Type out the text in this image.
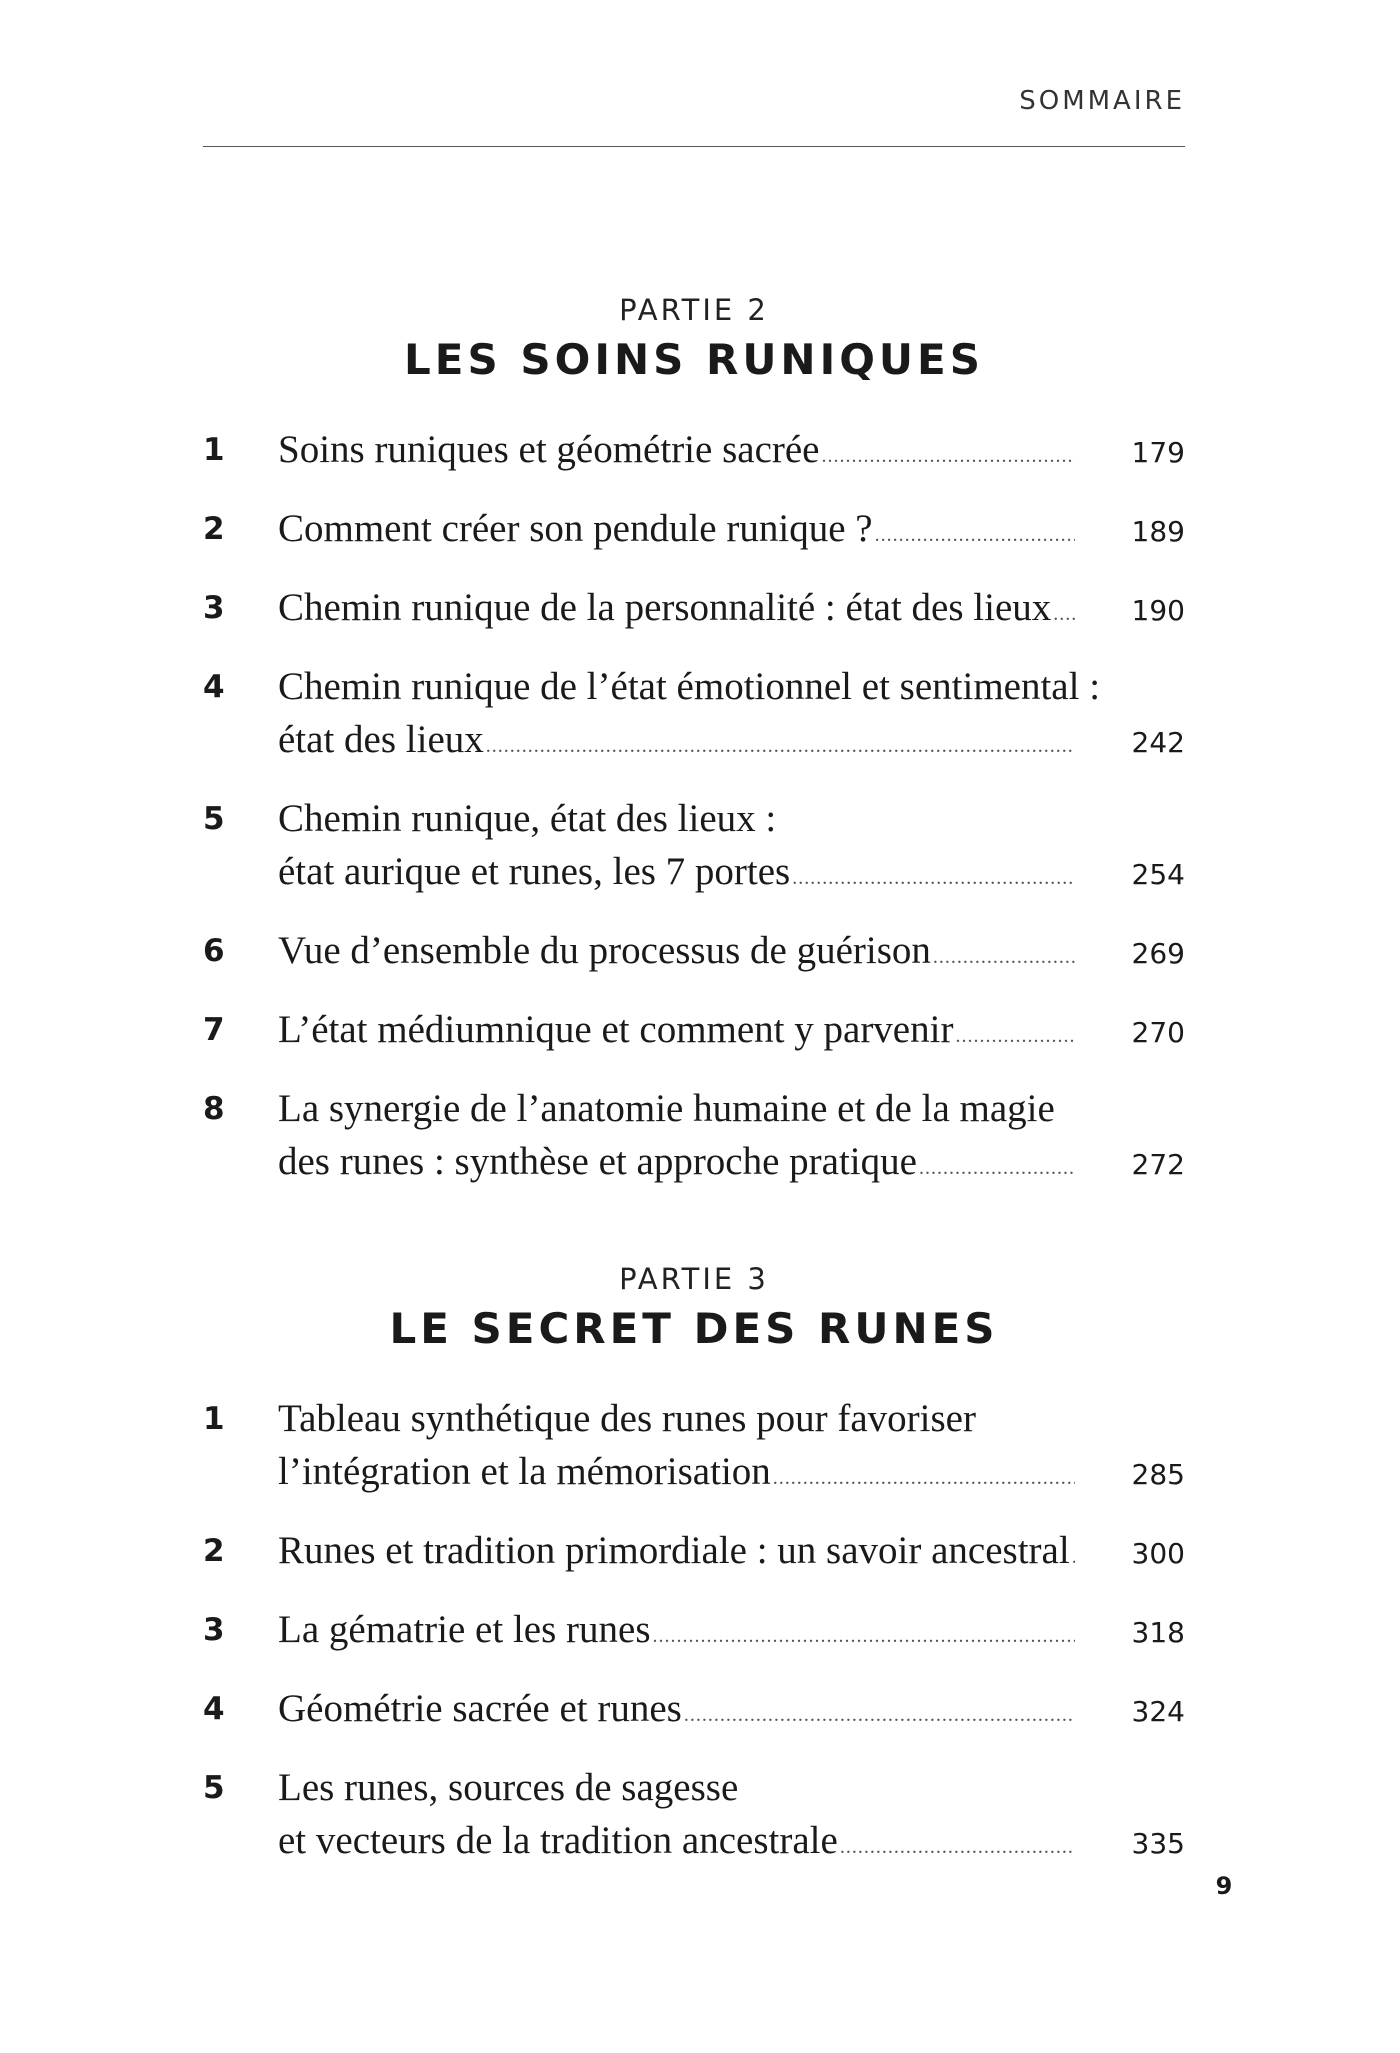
SOMMAIRE
PARTIE 2
LES SOINS RUNIQUES
1 Soins runiques et géométrie sacrée .....	179
2 Comment créer son pendule runique ? .....	189
3 Chemin runique de la personnalité : état des lieux .....	190
4 Chemin runique de l’état émotionnel et sentimental :
état des lieux .....	242
5 Chemin runique, état des lieux :
état aurique et runes, les 7 portes .....	254
6 Vue d’ensemble du processus de guérison .....	269
7 L’état médiumnique et comment y parvenir .....	270
8 La synergie de l’anatomie humaine et de la magie
des runes : synthèse et approche pratique .....	272
PARTIE 3
LE SECRET DES RUNES
1 Tableau synthétique des runes pour favoriser
l’intégration et la mémorisation .....	285
2 Runes et tradition primordiale : un savoir ancestral .....	300
3 La gématrie et les runes .....	318
4 Géométrie sacrée et runes .....	324
5 Les runes, sources de sagesse
et vecteurs de la tradition ancestrale .....	335
9
